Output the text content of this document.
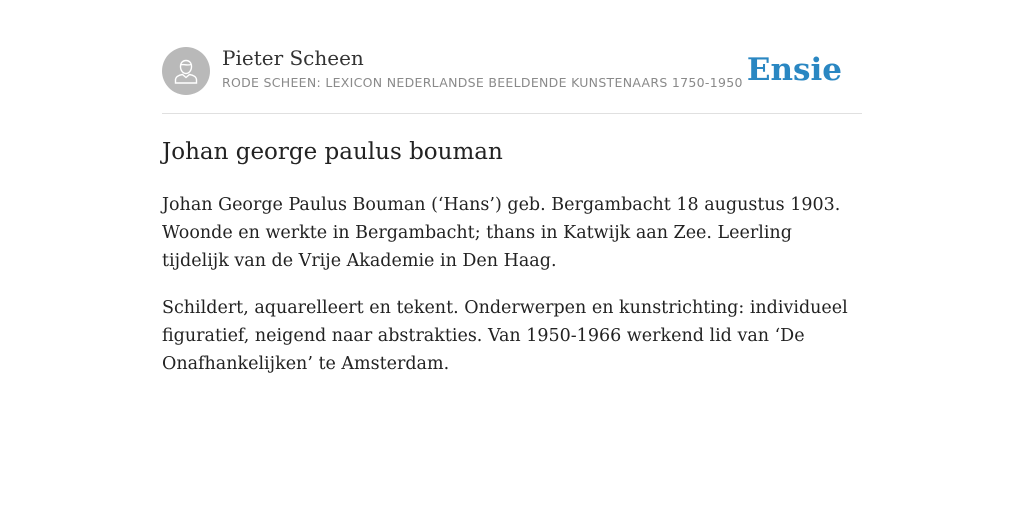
Pieter Scheen
RODE SCHEEN: LEXICON NEDERLANDSE BEELDENDE KUNSTENAARS 1750-1950 Ensie
Johan george paulus bouman

Johan George Paulus Bouman (‘Hans’) geb. Bergambacht 18 augustus 1903. Woonde en werkte in Bergambacht; thans in Katwijk aan Zee. Leerling tijdelijk van de Vrije Akademie in Den Haag.

Schildert, aquarelleert en tekent. Onderwerpen en kunstrichting: individueel figuratief, neigend naar abstrakties. Van 1950-1966 werkend lid van ‘De Onafhankelijken’ te Amsterdam.
